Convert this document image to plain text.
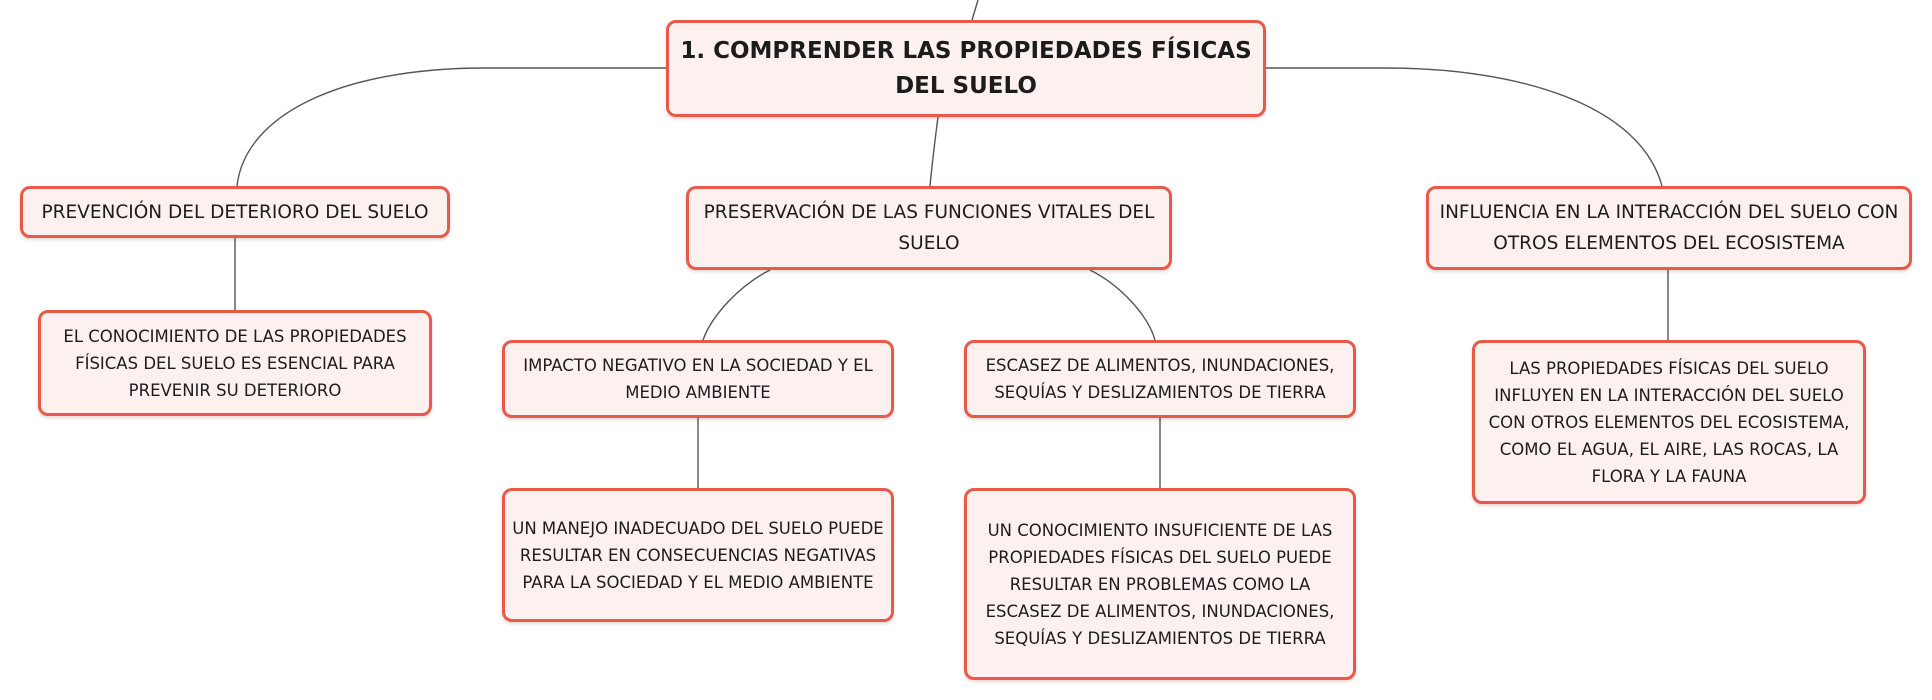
1. COMPRENDER LAS PROPIEDADES FÍSICAS DEL SUELO
PREVENCIÓN DEL DETERIORO DEL SUELO	PRESERVACIÓN DE LAS FUNCIONES VITALES DEL SUELO
INFLUENCIA EN LA INTERACCIÓN DEL SUELO CON OTROS ELEMENTOS DEL ECOSISTEMA
EL CONOCIMIENTO DE LAS PROPIEDADES FÍSICAS DEL SUELO ES ESENCIAL PARA PREVENIR SU DETERIORO
IMPACTO NEGATIVO EN LA SOCIEDAD Y EL MEDIO AMBIENTE
ESCASEZ DE ALIMENTOS, INUNDACIONES, SEQUÍAS Y DESLIZAMIENTOS DE TIERRA
UN MANEJO INADECUADO DEL SUELO PUEDE RESULTAR EN CONSECUENCIAS NEGATIVAS PARA LA SOCIEDAD Y EL MEDIO AMBIENTE
UN CONOCIMIENTO INSUFICIENTE DE LAS PROPIEDADES FÍSICAS DEL SUELO PUEDE RESULTAR EN PROBLEMAS COMO LA ESCASEZ DE ALIMENTOS, INUNDACIONES, SEQUÍAS Y DESLIZAMIENTOS DE TIERRA
LAS PROPIEDADES FÍSICAS DEL SUELO INFLUYEN EN LA INTERACCIÓN DEL SUELO CON OTROS ELEMENTOS DEL ECOSISTEMA, COMO EL AGUA, EL AIRE, LAS ROCAS, LA FLORA Y LA FAUNA
